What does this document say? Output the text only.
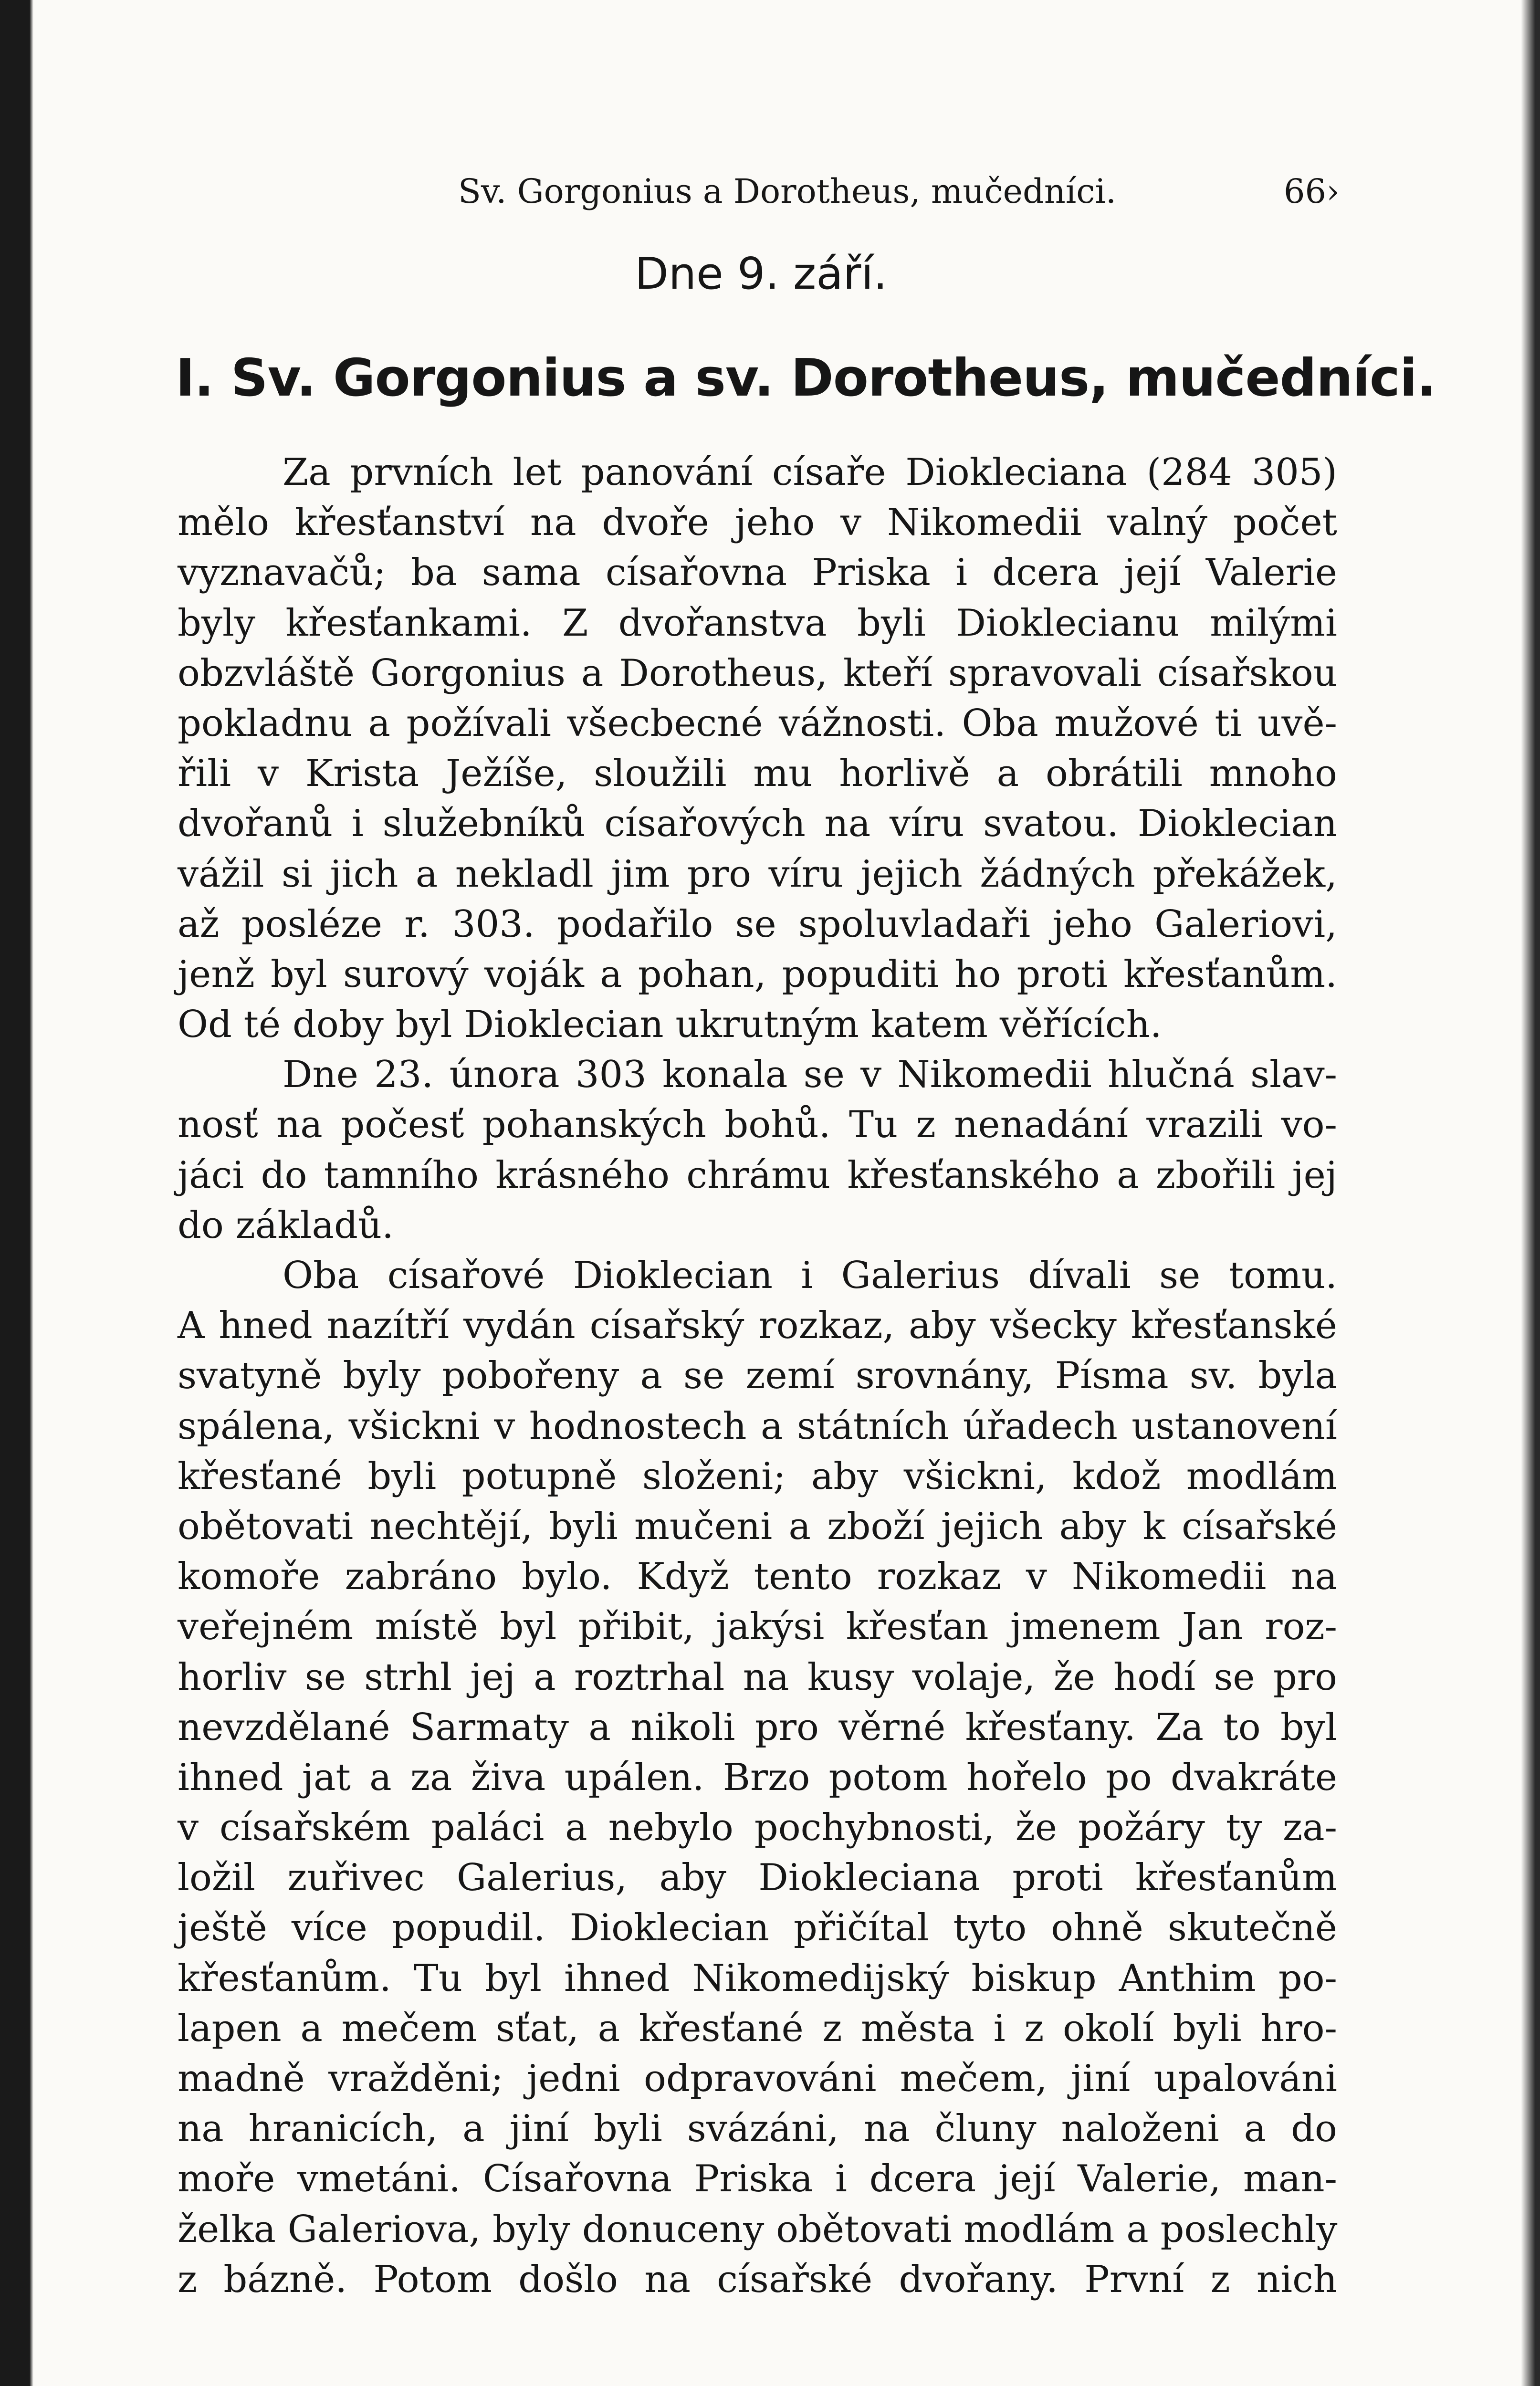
Sv. Gorgonius a Dorotheus, mučedníci.	66›
Dne 9. září.
I. Sv. Gorgonius a sv. Dorotheus, mučedníci.
Za prvních let panování císaře Diokleciana (284 305)
mělo křesťanství na dvoře jeho v Nikomedii valný počet
vyznavačů; ba sama císařovna Priska i dcera její Valerie
byly křesťankami. Z dvořanstva byli Dioklecianu milými
obzvláště Gorgonius a Dorotheus, kteří spravovali císařskou
pokladnu a požívali všecbecné vážnosti. Oba mužové ti uvě-
řili v Krista Ježíše, sloužili mu horlivě a obrátili mnoho
dvořanů i služebníků císařových na víru svatou. Dioklecian
vážil si jich a nekladl jim pro víru jejich žádných překážek,
až posléze r. 303. podařilo se spoluvladaři jeho Galeriovi,
jenž byl surový voják a pohan, popuditi ho proti křesťanům.
Od té doby byl Dioklecian ukrutným katem věřících.
Dne 23. února 303 konala se v Nikomedii hlučná slav-
nosť na počesť pohanských bohů. Tu z nenadání vrazili vo-
jáci do tamního krásného chrámu křesťanského a zbořili jej
do základů.
Oba císařové Dioklecian i Galerius dívali se tomu.
A hned nazítří vydán císařský rozkaz, aby všecky křesťanské
svatyně byly pobořeny a se zemí srovnány, Písma sv. byla
spálena, všickni v hodnostech a státních úřadech ustanovení
křesťané byli potupně složeni; aby všickni, kdož modlám
obětovati nechtějí, byli mučeni a zboží jejich aby k císařské
komoře zabráno bylo. Když tento rozkaz v Nikomedii na
veřejném místě byl přibit, jakýsi křesťan jmenem Jan roz-
horliv se strhl jej a roztrhal na kusy volaje, že hodí se pro
nevzdělané Sarmaty a nikoli pro věrné křesťany. Za to byl
ihned jat a za živa upálen. Brzo potom hořelo po dvakráte
v císařském paláci a nebylo pochybnosti, že požáry ty za-
ložil zuřivec Galerius, aby Diokleciana proti křesťanům
ještě více popudil. Dioklecian přičítal tyto ohně skutečně
křesťanům. Tu byl ihned Nikomedijský biskup Anthim po-
lapen a mečem sťat, a křesťané z města i z okolí byli hro-
madně vražděni; jedni odpravováni mečem, jiní upalováni
na hranicích, a jiní byli svázáni, na čluny naloženi a do
moře vmetáni. Císařovna Priska i dcera její Valerie, man-
želka Galeriova, byly donuceny obětovati modlám a poslechly
z bázně. Potom došlo na císařské dvořany. První z nich
